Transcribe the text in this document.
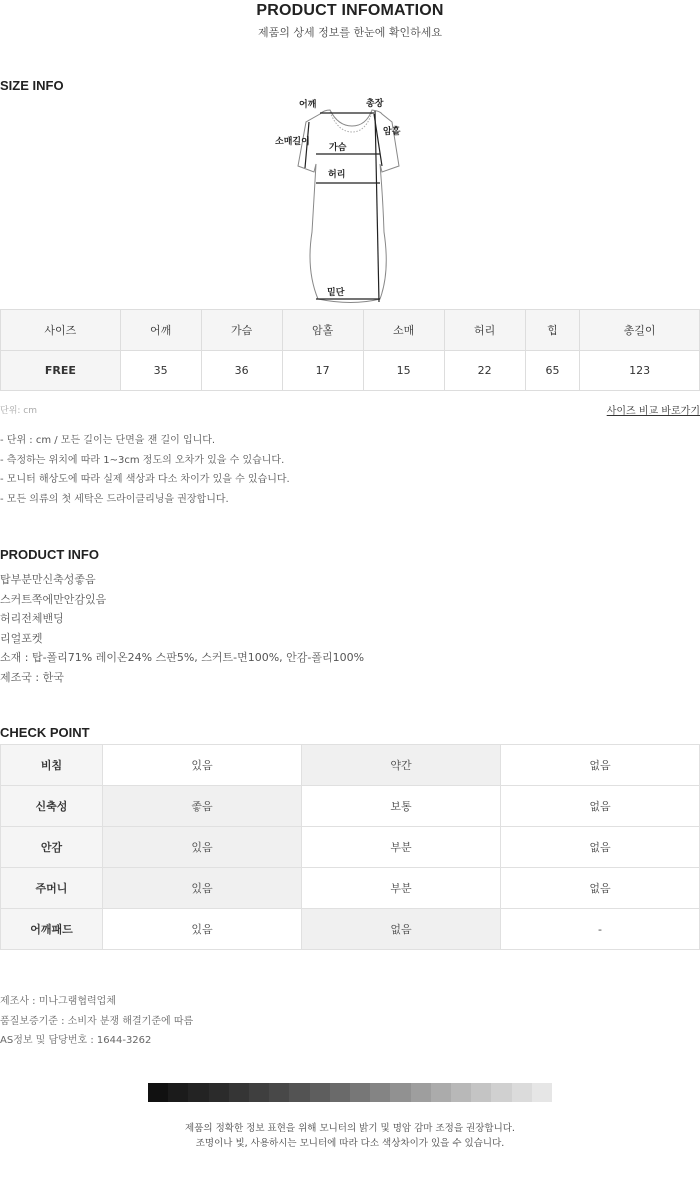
PRODUCT INFOMATION
제품의 상세 정보를 한눈에 확인하세요
SIZE INFO
어깨	총장
소매길이
암홀
가슴
허리
밑단
사이즈	어깨	가슴	암홀	소매	허리	힙	총길이
FREE	35	36	17	15	22	65	123
단위: cm	사이즈 비교 바로가기
- 단위 : cm / 모든 길이는 단면을 잰 길이 입니다.
- 측정하는 위치에 따라 1~3cm 정도의 오차가 있을 수 있습니다.
- 모니터 해상도에 따라 실제 색상과 다소 차이가 있을 수 있습니다.
- 모든 의류의 첫 세탁은 드라이클리닝을 권장합니다.
PRODUCT INFO
탑부분만신축성좋음
스커트쪽에만안감있음
허리전체밴딩
리얼포켓
소재 : 탑-폴리71% 레이온24% 스판5%, 스커트-면100%, 안감-폴리100%
제조국 : 한국
CHECK POINT
비침	있음	약간	없음
신축성	좋음	보통	없음
안감	있음	부분	없음
주머니	있음	부분	없음
어깨패드	있음	없음	-
제조사 : 미나그램협력업체
품질보증기준 : 소비자 분쟁 해결기준에 따름
AS정보 및 담당번호 : 1644-3262
제품의 정확한 정보 표현을 위해 모니터의 밝기 및 명암 감마 조정을 권장합니다.
조명이나 빛, 사용하시는 모니터에 따라 다소 색상차이가 있을 수 있습니다.
